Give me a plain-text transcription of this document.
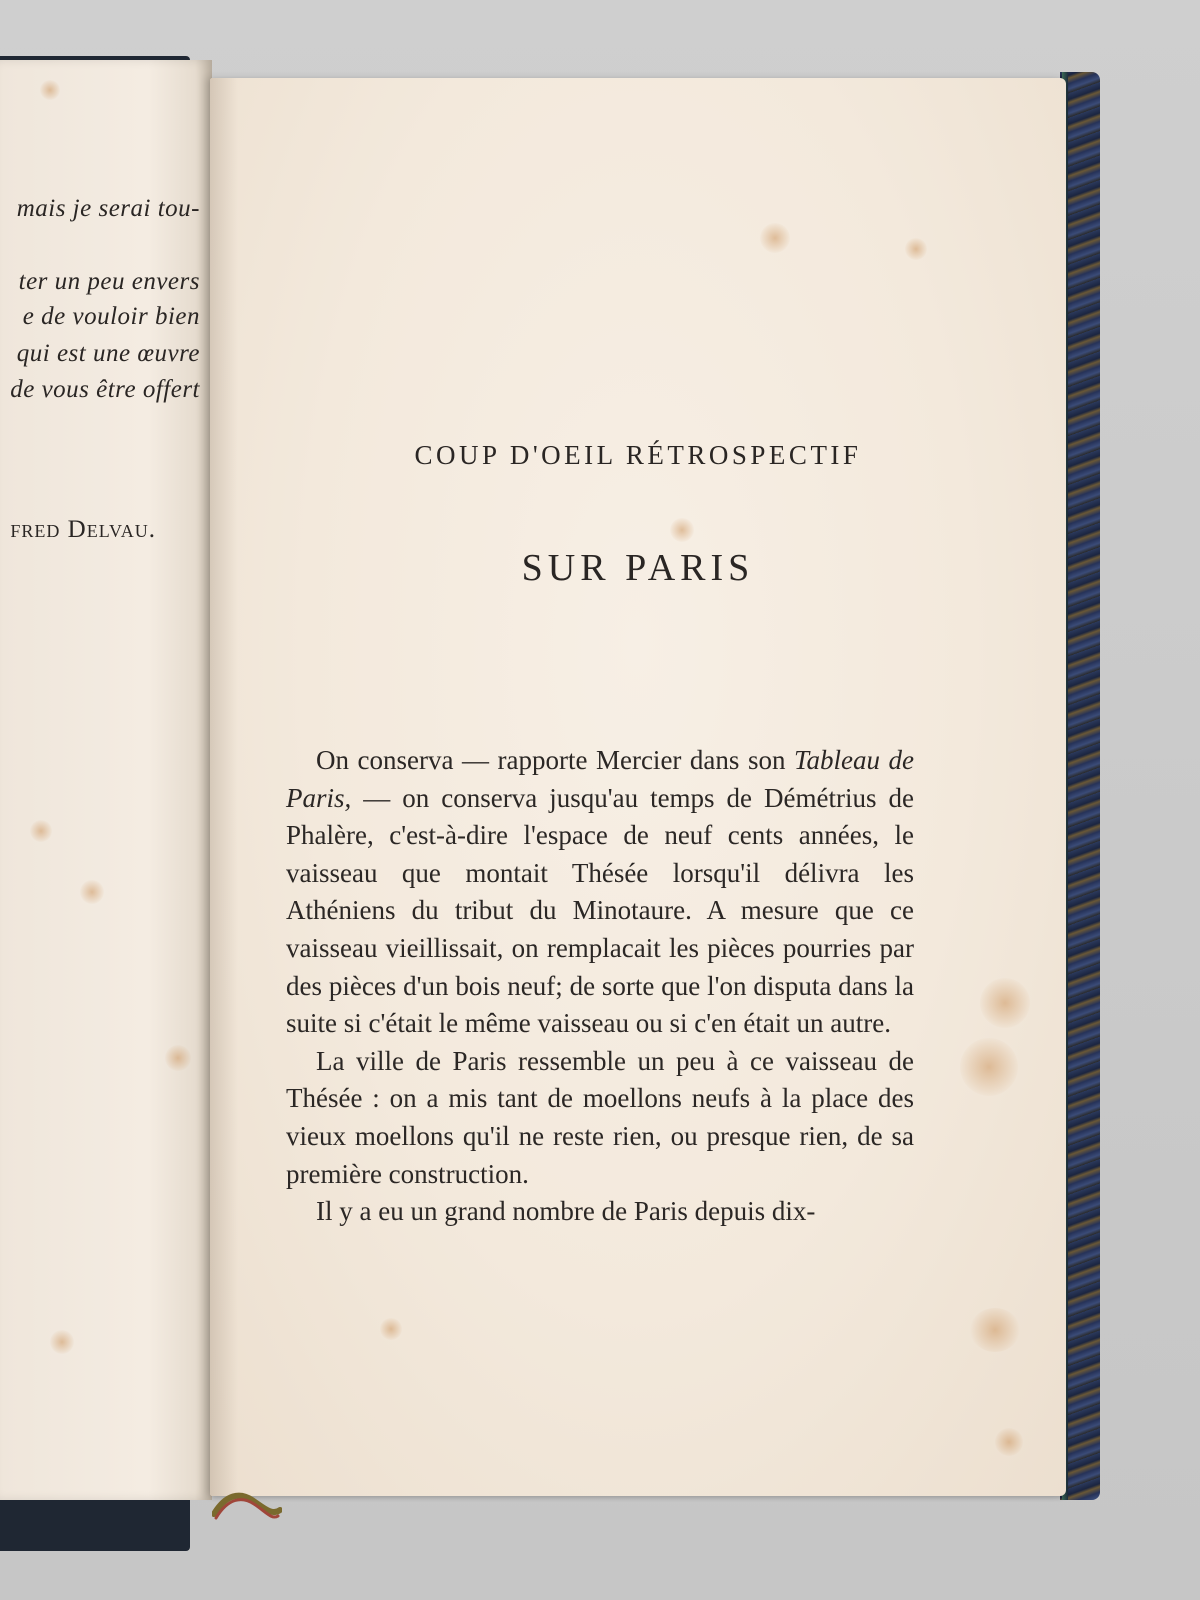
mais je serai tou-
ter un peu envers
e de vouloir bien
qui est une œuvre
de vous être offert
fred Delvau.
COUP D'OEIL RÉTROSPECTIF
SUR PARIS

On conserva — rapporte Mercier dans son Tableau de Paris, — on conserva jusqu'au temps de Démétrius de Phalère, c'est-à-dire l'espace de neuf cents années, le vaisseau que montait Thésée lorsqu'il délivra les Athéniens du tribut du Minotaure. A mesure que ce vaisseau vieillissait, on remplacait les pièces pourries par des pièces d'un bois neuf; de sorte que l'on disputa dans la suite si c'était le même vaisseau ou si c'en était un autre.

La ville de Paris ressemble un peu à ce vaisseau de Thésée : on a mis tant de moellons neufs à la place des vieux moellons qu'il ne reste rien, ou presque rien, de sa première construction.

Il y a eu un grand nombre de Paris depuis dix-
